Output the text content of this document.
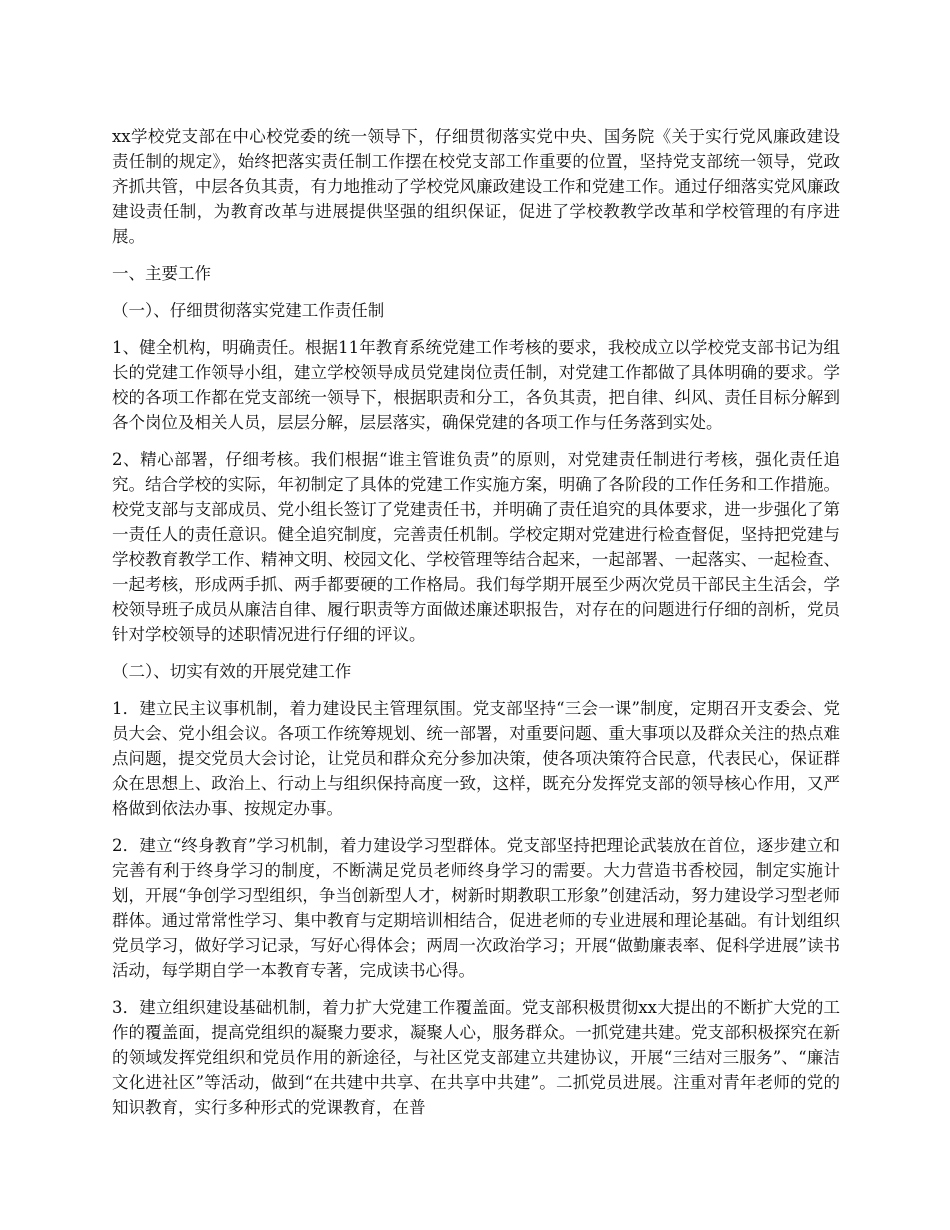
xx学校党支部在中心校党委的统一领导下，仔细贯彻落实党中央、国务院《关于实行党风廉政建设责任制的规定》，始终把落实责任制工作摆在校党支部工作重要的位置，坚持党支部统一领导，党政齐抓共管，中层各负其责，有力地推动了学校党风廉政建设工作和党建工作。通过仔细落实党风廉政建设责任制，为教育改革与进展提供坚强的组织保证，促进了学校教教学改革和学校管理的有序进展。

一、主要工作

（一）、仔细贯彻落实党建工作责任制

1、健全机构，明确责任。根据11年教育系统党建工作考核的要求，我校成立以学校党支部书记为组长的党建工作领导小组，建立学校领导成员党建岗位责任制，对党建工作都做了具体明确的要求。学校的各项工作都在党支部统一领导下，根据职责和分工，各负其责，把自律、纠风、责任目标分解到各个岗位及相关人员，层层分解，层层落实，确保党建的各项工作与任务落到实处。

2、精心部署，仔细考核。我们根据“谁主管谁负责”的原则，对党建责任制进行考核，强化责任追究。结合学校的实际，年初制定了具体的党建工作实施方案，明确了各阶段的工作任务和工作措施。校党支部与支部成员、党小组长签订了党建责任书，并明确了责任追究的具体要求，进一步强化了第一责任人的责任意识。健全追究制度，完善责任机制。学校定期对党建进行检查督促，坚持把党建与学校教育教学工作、精神文明、校园文化、学校管理等结合起来，一起部署、一起落实、一起检查、一起考核，形成两手抓、两手都要硬的工作格局。我们每学期开展至少两次党员干部民主生活会，学校领导班子成员从廉洁自律、履行职责等方面做述廉述职报告，对存在的问题进行仔细的剖析，党员针对学校领导的述职情况进行仔细的评议。

（二）、切实有效的开展党建工作

1．建立民主议事机制，着力建设民主管理氛围。党支部坚持“三会一课”制度，定期召开支委会、党员大会、党小组会议。各项工作统筹规划、统一部署，对重要问题、重大事项以及群众关注的热点难点问题，提交党员大会讨论，让党员和群众充分参加决策，使各项决策符合民意，代表民心，保证群众在思想上、政治上、行动上与组织保持高度一致，这样，既充分发挥党支部的领导核心作用，又严格做到依法办事、按规定办事。

2．建立“终身教育”学习机制，着力建设学习型群体。党支部坚持把理论武装放在首位，逐步建立和完善有利于终身学习的制度，不断满足党员老师终身学习的需要。大力营造书香校园，制定实施计划，开展“争创学习型组织，争当创新型人才，树新时期教职工形象”创建活动，努力建设学习型老师群体。通过常常性学习、集中教育与定期培训相结合，促进老师的专业进展和理论基础。有计划组织党员学习，做好学习记录，写好心得体会；两周一次政治学习；开展“做勤廉表率、促科学进展”读书活动，每学期自学一本教育专著，完成读书心得。

3．建立组织建设基础机制，着力扩大党建工作覆盖面。党支部积极贯彻xx大提出的不断扩大党的工作的覆盖面，提高党组织的凝聚力要求，凝聚人心，服务群众。一抓党建共建。党支部积极探究在新的领域发挥党组织和党员作用的新途径，与社区党支部建立共建协议，开展“三结对三服务”、“廉洁文化进社区”等活动，做到“在共建中共享、在共享中共建”。二抓党员进展。注重对青年老师的党的知识教育，实行多种形式的党课教育，在普
